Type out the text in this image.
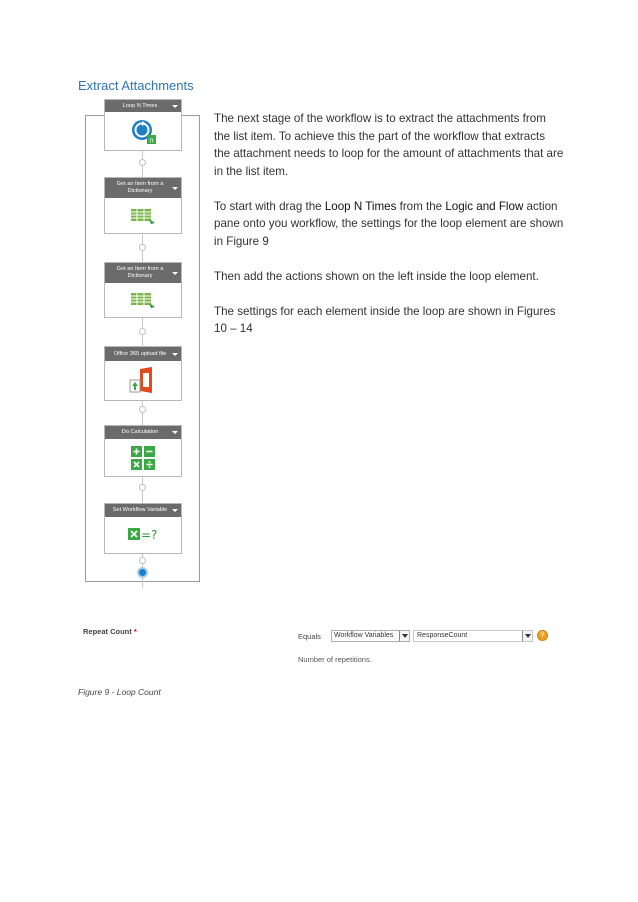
Extract Attachments
Loop N Times
n
Get an Item from a Dictionary
Get an Item from a Dictionary
Office 365 upload file
Do Calculation
Set Workflow Variable
=?

The next stage of the workflow is to extract the attachments from the list item. To achieve this the part of the workflow that extracts the attachment needs to loop for the amount of attachments that are in the list item.

To start with drag the Loop N Times from the Logic and Flow action pane onto you workflow, the settings for the loop element are shown in Figure 9

Then add the actions shown on the left inside the loop element.

The settings for each element inside the loop are shown in Figures 10 – 14

Repeat Count *
Equals	Workflow Variables	ResponseCount	⚲
Number of repetitions.
Figure 9 - Loop Count
